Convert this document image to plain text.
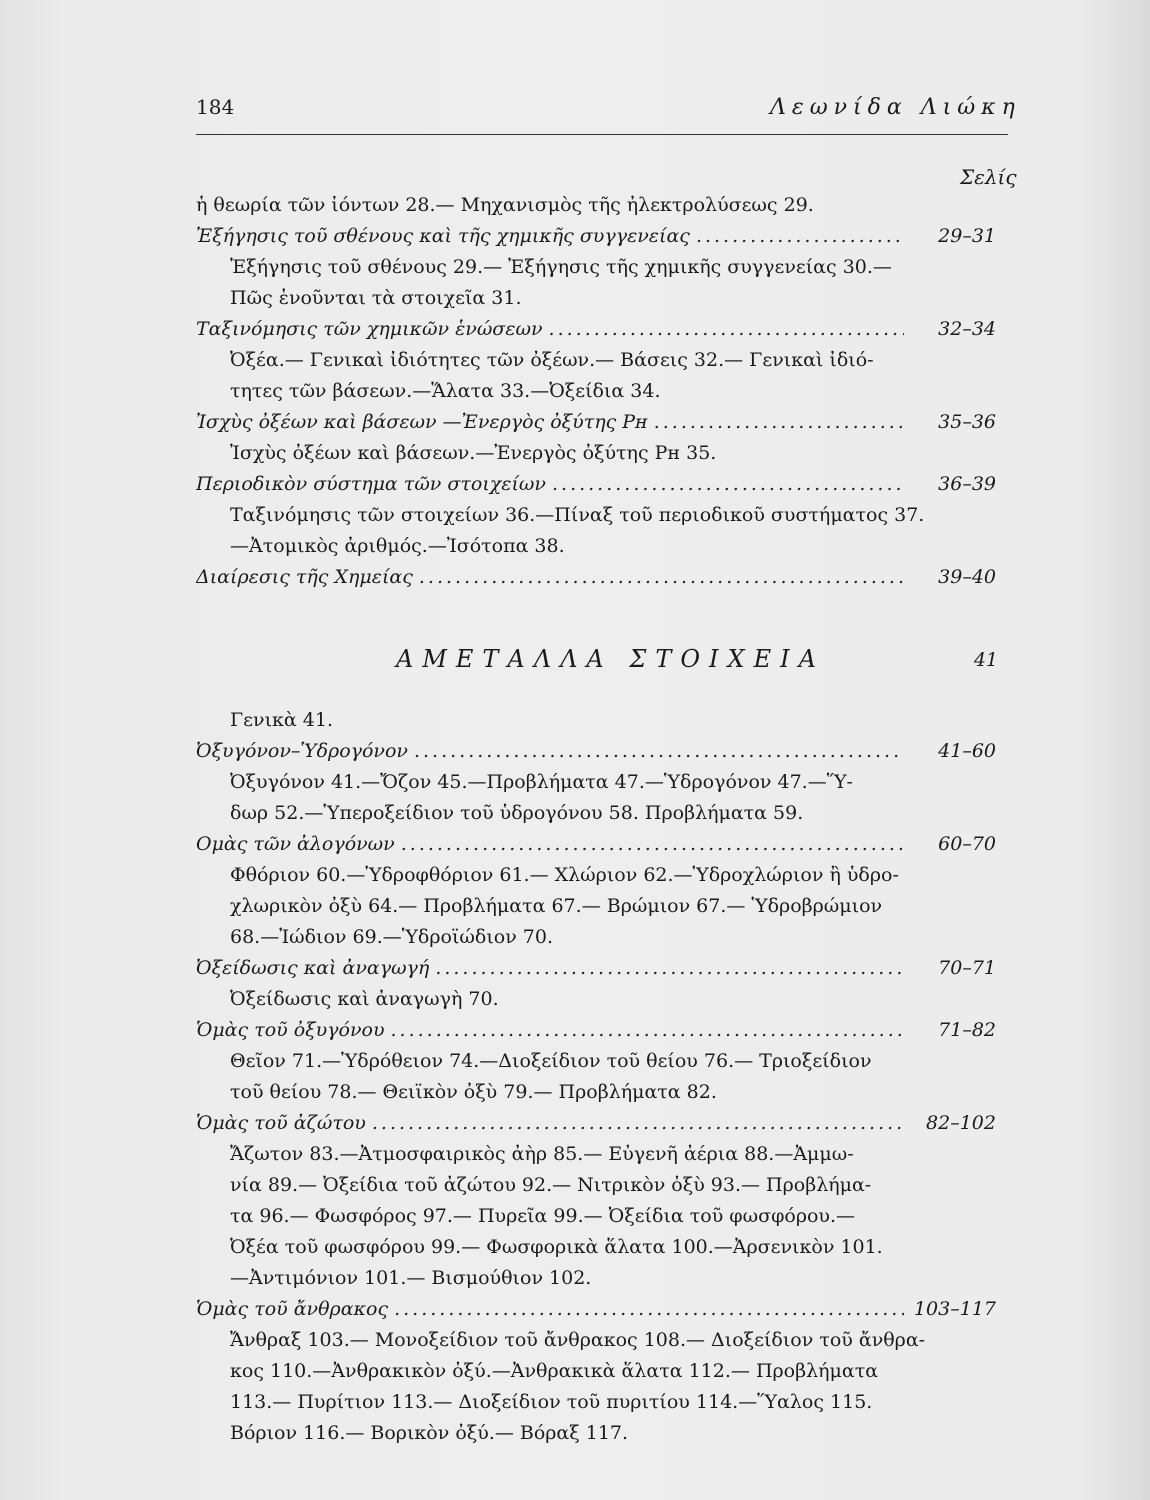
184	Λεωνίδα Λιώκη
Σελίς
ἡ θεωρία τῶν ἰόντων 28.— Μηχανισμὸς τῆς ἠλεκτρολύσεως 29.
Ἐξήγησις τοῦ σθένους καὶ τῆς χημικῆς συγγενείας .....	29–31
Ἐξήγησις τοῦ σθένους 29.— Ἐξήγησις τῆς χημικῆς συγγενείας 30.—
Πῶς ἑνοῦνται τὰ στοιχεῖα 31.
Ταξινόμησις τῶν χημικῶν ἑνώσεων .....	32–34
Ὀξέα.— Γενικαὶ ἰδιότητες τῶν ὀξέων.— Βάσεις 32.— Γενικαὶ ἰδιό-
τητες τῶν βάσεων.—Ἅλατα 33.—Ὀξείδια 34.
Ἰσχὺς ὀξέων καὶ βάσεων —Ἐνεργὸς ὀξύτης Pʜ .....	35–36
Ἰσχὺς ὀξέων καὶ βάσεων.—Ἐνεργὸς ὀξύτης Pʜ 35.
Περιοδικὸν σύστημα τῶν στοιχείων .....	36–39
Ταξινόμησις τῶν στοιχείων 36.—Πίναξ τοῦ περιοδικοῦ συστήματος 37.
—Ἀτομικὸς ἀριθμός.—Ἰσότοπα 38.
Διαίρεσις τῆς Χημείας .....	39–40
ΑΜΕΤΑΛΛΑ ΣΤΟΙΧΕΙΑ	41
Γενικὰ 41.
Ὀξυγόνον–Ὑδρογόνον .....	41–60
Ὀξυγόνον 41.—Ὄζον 45.—Προβλήματα 47.—Ὑδρογόνον 47.—Ὕ-
δωρ 52.—Ὑπεροξείδιον τοῦ ὑδρογόνου 58. Προβλήματα 59.
Ομὰς τῶν ἀλογόνων .....	60–70
Φθόριον 60.—Ὑδροφθόριον 61.— Χλώριον 62.—Ὑδροχλώριον ἢ ὑδρο-
χλωρικὸν ὀξὺ 64.— Προβλήματα 67.— Βρώμιον 67.— Ὑδροβρώμιον
68.—Ἰώδιον 69.—Ὑδροϊώδιον 70.
Ὀξείδωσις καὶ ἀναγωγή .....	70–71
Ὀξείδωσις καὶ ἀναγωγὴ 70.
Ὁμὰς τοῦ ὀξυγόνου .....	71–82
Θεῖον 71.—Ὑδρόθειον 74.—Διοξείδιον τοῦ θείου 76.— Τριοξείδιον
τοῦ θείου 78.— Θειϊκὸν ὀξὺ 79.— Προβλήματα 82.
Ὁμὰς τοῦ ἀζώτου .....	82–102
Ἄζωτον 83.—Ἀτμοσφαιρικὸς ἀὴρ 85.— Εὐγενῆ ἀέρια 88.—Ἀμμω-
νία 89.— Ὀξείδια τοῦ ἀζώτου 92.— Νιτρικὸν ὀξὺ 93.— Προβλήμα-
τα 96.— Φωσφόρος 97.— Πυρεῖα 99.— Ὀξείδια τοῦ φωσφόρου.—
Ὀξέα τοῦ φωσφόρου 99.— Φωσφορικὰ ἅλατα 100.—Ἀρσενικὸν 101.
—Ἀντιμόνιον 101.— Βισμούθιον 102.
Ὁμὰς τοῦ ἄνθρακος .....	103–117
Ἄνθραξ 103.— Μονοξείδιον τοῦ ἄνθρακος 108.— Διοξείδιον τοῦ ἄνθρα-
κος 110.—Ἀνθρακικὸν ὀξύ.—Ἀνθρακικὰ ἅλατα 112.— Προβλήματα
113.— Πυρίτιον 113.— Διοξείδιον τοῦ πυριτίου 114.—Ὕαλος 115.
Βόριον 116.— Βορικὸν ὀξύ.— Βόραξ 117.
